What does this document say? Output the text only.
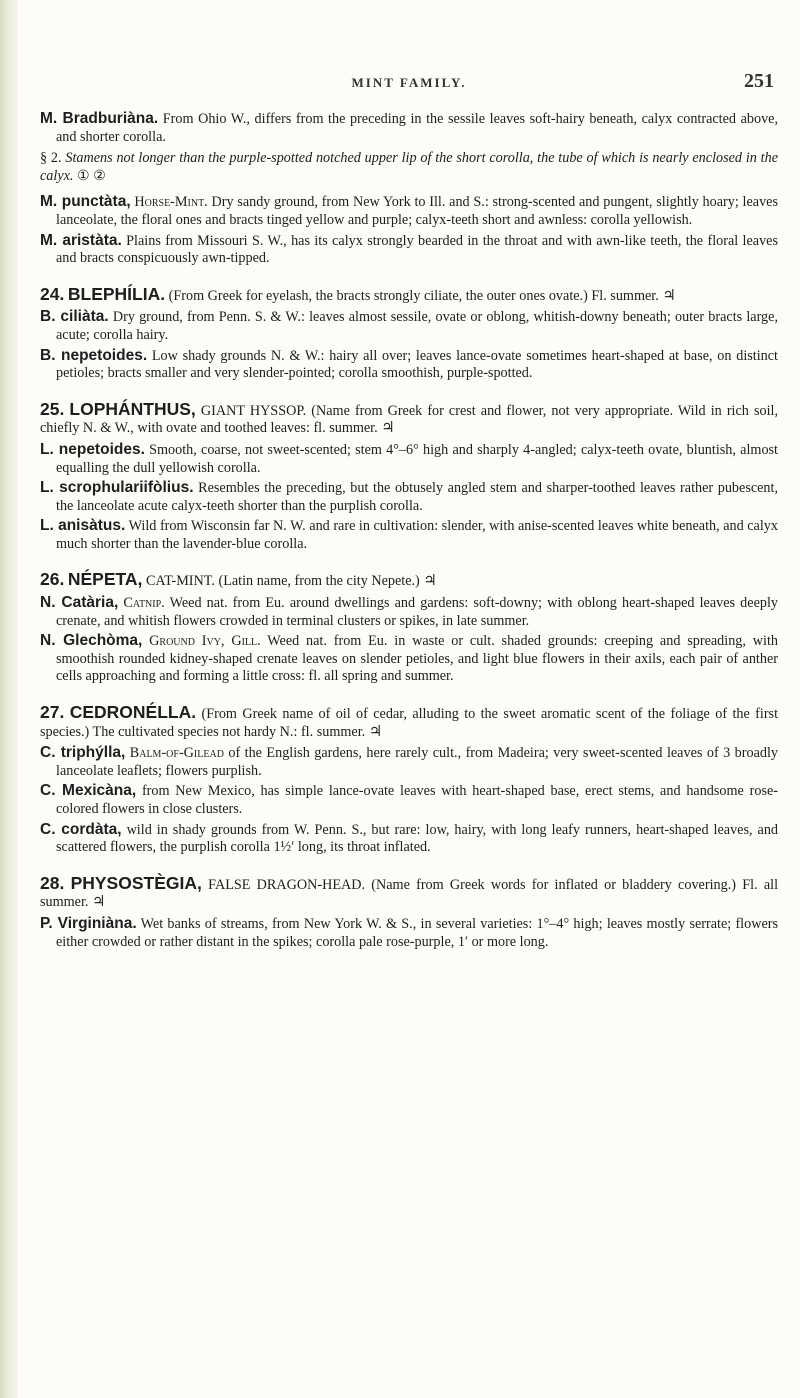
MINT FAMILY.	251

M. Bradburiàna. From Ohio W., differs from the preceding in the sessile leaves soft-hairy beneath, calyx contracted above, and shorter corolla.

§ 2. Stamens not longer than the purple-spotted notched upper lip of the short corolla, the tube of which is nearly enclosed in the calyx. ① ②

M. punctàta, Horse-Mint. Dry sandy ground, from New York to Ill. and S.: strong-scented and pungent, slightly hoary; leaves lanceolate, the floral ones and bracts tinged yellow and purple; calyx-teeth short and awnless: corolla yellowish.

M. aristàta. Plains from Missouri S. W., has its calyx strongly bearded in the throat and with awn-like teeth, the floral leaves and bracts conspicuously awn-tipped.

24. BLEPHÍLIA. (From Greek for eyelash, the bracts strongly ciliate, the outer ones ovate.) Fl. summer. ♃

B. ciliàta. Dry ground, from Penn. S. & W.: leaves almost sessile, ovate or oblong, whitish-downy beneath; outer bracts large, acute; corolla hairy.

B. nepetoides. Low shady grounds N. & W.: hairy all over; leaves lance-ovate sometimes heart-shaped at base, on distinct petioles; bracts smaller and very slender-pointed; corolla smoothish, purple-spotted.

25. LOPHÁNTHUS, GIANT HYSSOP. (Name from Greek for crest and flower, not very appropriate. Wild in rich soil, chiefly N. & W., with ovate and toothed leaves: fl. summer. ♃

L. nepetoides. Smooth, coarse, not sweet-scented; stem 4°–6° high and sharply 4-angled; calyx-teeth ovate, bluntish, almost equalling the dull yellowish corolla.

L. scrophulariifòlius. Resembles the preceding, but the obtusely angled stem and sharper-toothed leaves rather pubescent, the lanceolate acute calyx-teeth shorter than the purplish corolla.

L. anisàtus. Wild from Wisconsin far N. W. and rare in cultivation: slender, with anise-scented leaves white beneath, and calyx much shorter than the lavender-blue corolla.

26. NÉPETA, CAT-MINT. (Latin name, from the city Nepete.) ♃

N. Catària, Catnip. Weed nat. from Eu. around dwellings and gardens: soft-downy; with oblong heart-shaped leaves deeply crenate, and whitish flowers crowded in terminal clusters or spikes, in late summer.

N. Glechòma, Ground Ivy, Gill. Weed nat. from Eu. in waste or cult. shaded grounds: creeping and spreading, with smoothish rounded kidney-shaped crenate leaves on slender petioles, and light blue flowers in their axils, each pair of anther cells approaching and forming a little cross: fl. all spring and summer.

27. CEDRONÉLLA. (From Greek name of oil of cedar, alluding to the sweet aromatic scent of the foliage of the first species.) The cultivated species not hardy N.: fl. summer. ♃

C. triphýlla, Balm-of-Gilead of the English gardens, here rarely cult., from Madeira; very sweet-scented leaves of 3 broadly lanceolate leaflets; flowers purplish.

C. Mexicàna, from New Mexico, has simple lance-ovate leaves with heart-shaped base, erect stems, and handsome rose-colored flowers in close clusters.

C. cordàta, wild in shady grounds from W. Penn. S., but rare: low, hairy, with long leafy runners, heart-shaped leaves, and scattered flowers, the purplish corolla 1½′ long, its throat inflated.

28. PHYSOSTÈGIA, FALSE DRAGON-HEAD. (Name from Greek words for inflated or bladdery covering.) Fl. all summer. ♃

P. Virginiàna. Wet banks of streams, from New York W. & S., in several varieties: 1°–4° high; leaves mostly serrate; flowers either crowded or rather distant in the spikes; corolla pale rose-purple, 1′ or more long.
